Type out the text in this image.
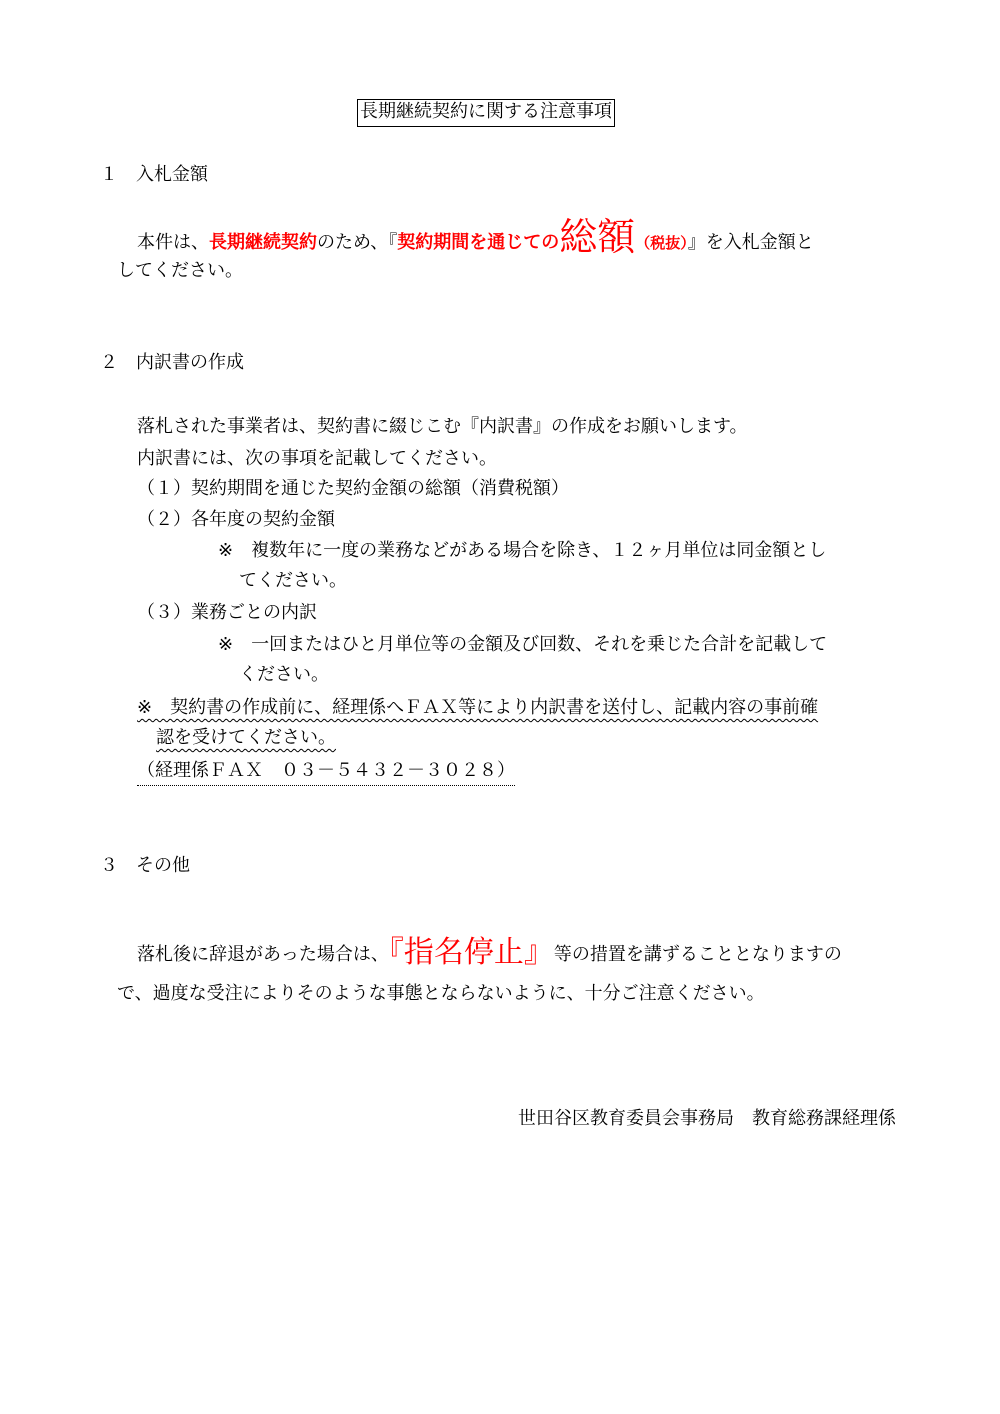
長期継続契約に関する注意事項
１　入札金額
本件は、長期継続契約のため、『契約期間を通じての総額（税抜）』を入札金額と
してください。
２　内訳書の作成
落札された事業者は、契約書に綴じこむ『内訳書』の作成をお願いします。
内訳書には、次の事項を記載してください。
（１）契約期間を通じた契約金額の総額（消費税額）
（２）各年度の契約金額
※　複数年に一度の業務などがある場合を除き、１２ヶ月単位は同金額とし
てください。
（３）業務ごとの内訳
※　一回またはひと月単位等の金額及び回数、それを乗じた合計を記載して
ください。
※　契約書の作成前に、経理係へＦＡＸ等により内訳書を送付し、記載内容の事前確
認を受けてください。
（経理係ＦＡＸ　０３－５４３２－３０２８）
３　その他
落札後に辞退があった場合は、『指名停止』等の措置を講ずることとなりますの
で、過度な受注によりそのような事態とならないように、十分ご注意ください。
世田谷区教育委員会事務局　教育総務課経理係
